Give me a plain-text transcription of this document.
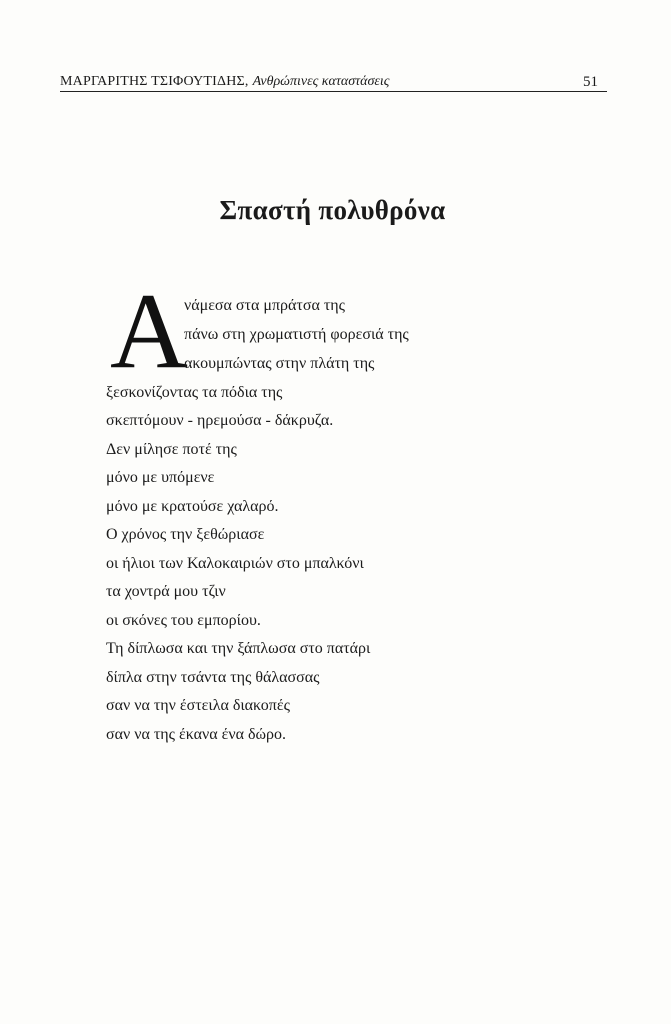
ΜΑΡΓΑΡΙΤΗΣ ΤΣΙΦΟΥΤΙΔΗΣ, Ανθρώπινες καταστάσεις	51
Σπαστή πολυθρόνα
Α
νάμεσα στα μπράτσα της
πάνω στη χρωματιστή φορεσιά της
ακουμπώντας στην πλάτη της
ξεσκονίζοντας τα πόδια της
σκεπτόμουν - ηρεμούσα - δάκρυζα.
Δεν μίλησε ποτέ της
μόνο με υπόμενε
μόνο με κρατούσε χαλαρό.
Ο χρόνος την ξεθώριασε
οι ήλιοι των Καλοκαιριών στο μπαλκόνι
τα χοντρά μου τζιν
οι σκόνες του εμπορίου.
Τη δίπλωσα και την ξάπλωσα στο πατάρι
δίπλα στην τσάντα της θάλασσας
σαν να την έστειλα διακοπές
σαν να της έκανα ένα δώρο.
